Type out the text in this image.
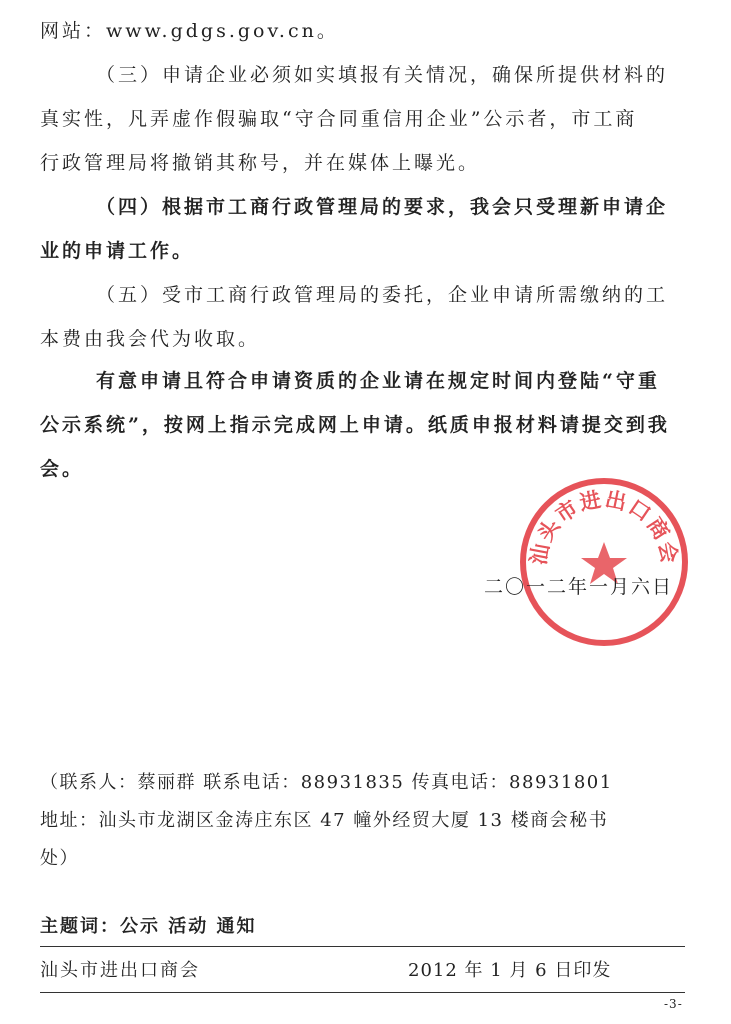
网站：www.gdgs.gov.cn。
（三）申请企业必须如实填报有关情况，确保所提供材料的
真实性，凡弄虚作假骗取“守合同重信用企业”公示者，市工商
行政管理局将撤销其称号，并在媒体上曝光。
（四）根据市工商行政管理局的要求，我会只受理新申请企
业的申请工作。
（五）受市工商行政管理局的委托，企业申请所需缴纳的工
本费由我会代为收取。
有意申请且符合申请资质的企业请在规定时间内登陆“守重
公示系统”，按网上指示完成网上申请。纸质申报材料请提交到我
会。
汕头市进出口商会
二〇一二年一月六日
（联系人：蔡丽群 联系电话：88931835 传真电话：88931801
地址：汕头市龙湖区金涛庄东区 47 幢外经贸大厦 13 楼商会秘书
处）
主题词：公示 活动 通知
汕头市进出口商会	2012 年 1 月 6 日印发
-3-
